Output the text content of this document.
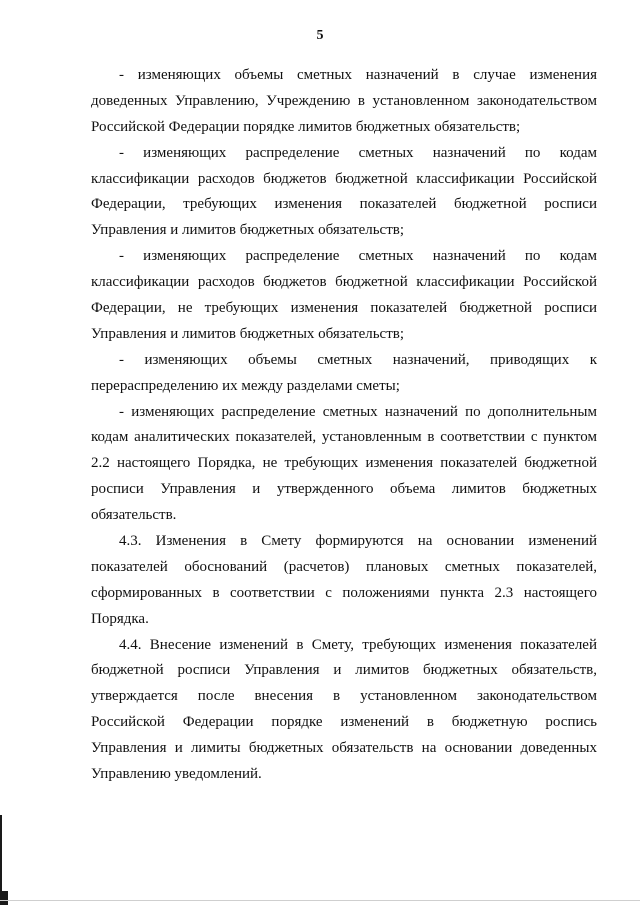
5

- изменяющих объемы сметных назначений в случае изменения
доведенных Управлению, Учреждению в установленном законодательством
Российской Федерации порядке лимитов бюджетных обязательств;

- изменяющих распределение сметных назначений по кодам
классификации расходов бюджетов бюджетной классификации Российской
Федерации, требующих изменения показателей бюджетной росписи
Управления и лимитов бюджетных обязательств;

- изменяющих распределение сметных назначений по кодам
классификации расходов бюджетов бюджетной классификации Российской
Федерации, не требующих изменения показателей бюджетной росписи
Управления и лимитов бюджетных обязательств;

- изменяющих объемы сметных назначений, приводящих к
перераспределению их между разделами сметы;

- изменяющих распределение сметных назначений по дополнительным
кодам аналитических показателей, установленным в соответствии с пунктом
2.2 настоящего Порядка, не требующих изменения показателей бюджетной
росписи Управления и утвержденного объема лимитов бюджетных
обязательств.

4.3. Изменения в Смету формируются на основании изменений
показателей обоснований (расчетов) плановых сметных показателей,
сформированных в соответствии с положениями пункта 2.3 настоящего
Порядка.

4.4. Внесение изменений в Смету, требующих изменения показателей
бюджетной росписи Управления и лимитов бюджетных обязательств,
утверждается после внесения в установленном законодательством
Российской Федерации порядке изменений в бюджетную роспись
Управления и лимиты бюджетных обязательств на основании доведенных
Управлению уведомлений.
